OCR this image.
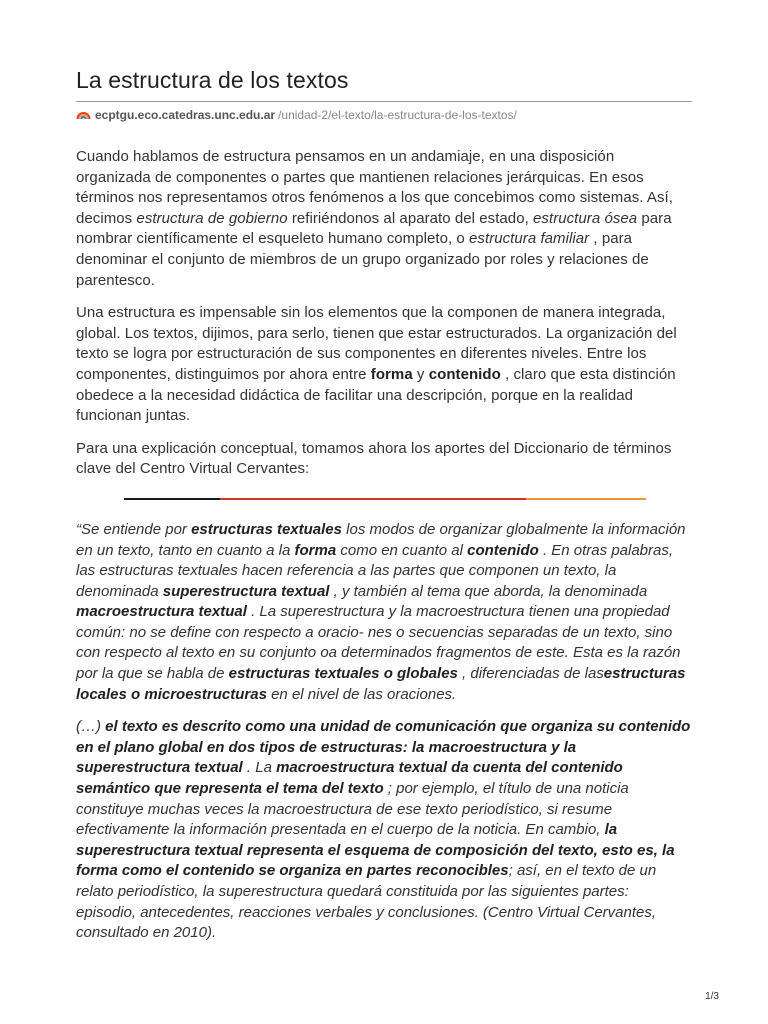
La estructura de los textos
ecptgu.eco.catedras.unc.edu.ar /unidad-2/el-texto/la-estructura-de-los-textos/

Cuando hablamos de estructura pensamos en un andamiaje, en una disposición organizada de componentes o partes que mantienen relaciones jerárquicas. En esos términos nos representamos otros fenómenos a los que concebimos como sistemas. Así, decimos estructura de gobierno refiriéndonos al aparato del estado, estructura ósea para nombrar científicamente el esqueleto humano completo, o estructura familiar , para denominar el conjunto de miembros de un grupo organizado por roles y relaciones de parentesco.

Una estructura es impensable sin los elementos que la componen de manera integrada, global. Los textos, dijimos, para serlo, tienen que estar estructurados. La organización del texto se logra por estructuración de sus componentes en diferentes niveles. Entre los componentes, distinguimos por ahora entre forma y contenido , claro que esta distinción obedece a la necesidad didáctica de facilitar una descripción, porque en la realidad funcionan juntas.

Para una explicación conceptual, tomamos ahora los aportes del Diccionario de términos clave del Centro Virtual Cervantes:

“Se entiende por estructuras textuales los modos de organizar globalmente la información en un texto, tanto en cuanto a la forma como en cuanto al contenido . En otras palabras, las estructuras textuales hacen referencia a las partes que componen un texto, la denominada superestructura textual , y también al tema que aborda, la denominada macroestructura textual . La superestructura y la macroestructura tienen una propiedad común: no se define con respecto a oracio- nes o secuencias separadas de un texto, sino con respecto al texto en su conjunto oa determinados fragmentos de este. Esta es la razón por la que se habla de estructuras textuales o globales , diferenciadas de lasestructuras locales o microestructuras en el nivel de las oraciones.

(…) el texto es descrito como una unidad de comunicación que organiza su contenido en el plano global en dos tipos de estructuras: la macroestructura y la superestructura textual . La macroestructura textual da cuenta del contenido semántico que representa el tema del texto ; por ejemplo, el título de una noticia constituye muchas veces la macroestructura de ese texto periodístico, si resume efectivamente la información presentada en el cuerpo de la noticia. En cambio, la superestructura textual representa el esquema de composición del texto, esto es, la forma como el contenido se organiza en partes reconocibles; así, en el texto de un relato periodístico, la superestructura quedará constituida por las siguientes partes: episodio, antecedentes, reacciones verbales y conclusiones. (Centro Virtual Cervantes, consultado en 2010).

1/3
